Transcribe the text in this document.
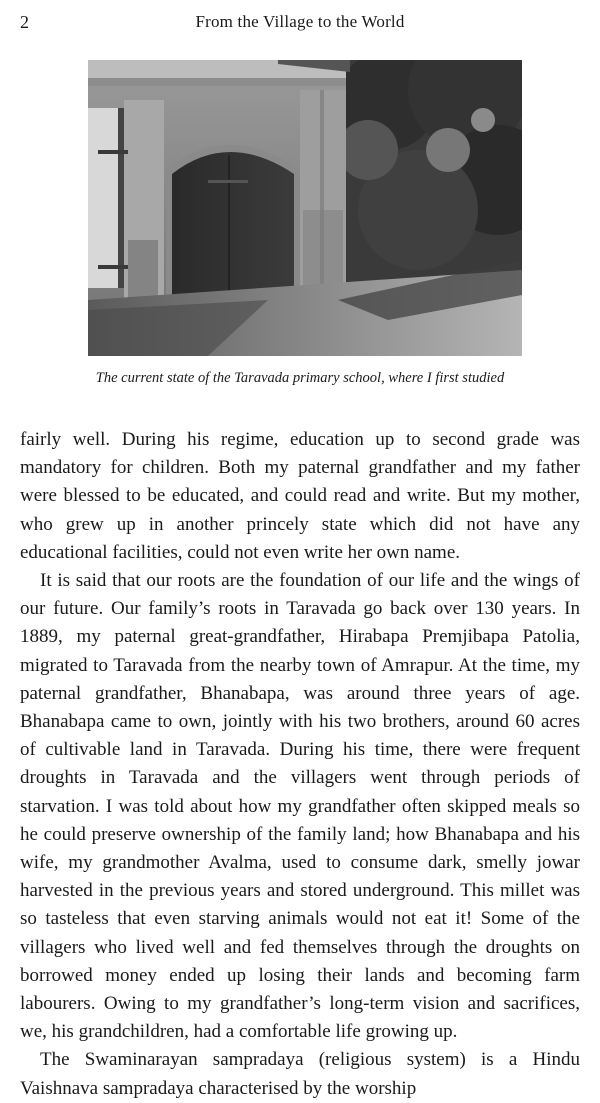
2	From the Village to the World
The current state of the Taravada primary school, where I first studied

fairly well. During his regime, education up to second grade was mandatory for children. Both my paternal grandfather and my father were blessed to be educated, and could read and write. But my mother, who grew up in another princely state which did not have any educational facilities, could not even write her own name.

It is said that our roots are the foundation of our life and the wings of our future. Our family’s roots in Taravada go back over 130 years. In 1889, my paternal great-grandfather, Hirabapa Premjibapa Patolia, migrated to Taravada from the nearby town of Amrapur. At the time, my paternal grandfather, Bhanabapa, was around three years of age. Bhanabapa came to own, jointly with his two brothers, around 60 acres of cultivable land in Taravada. During his time, there were frequent droughts in Taravada and the villagers went through periods of starvation. I was told about how my grandfather often skipped meals so he could preserve ownership of the family land; how Bhanabapa and his wife, my grandmother Avalma, used to consume dark, smelly jowar harvested in the previous years and stored underground. This millet was so tasteless that even starving animals would not eat it! Some of the villagers who lived well and fed themselves through the droughts on borrowed money ended up losing their lands and becoming farm labourers. Owing to my grandfather’s long-term vision and sacrifices, we, his grandchildren, had a comfortable life growing up.

The Swaminarayan sampradaya (religious system) is a Hindu Vaishnava sampradaya characterised by the worship
